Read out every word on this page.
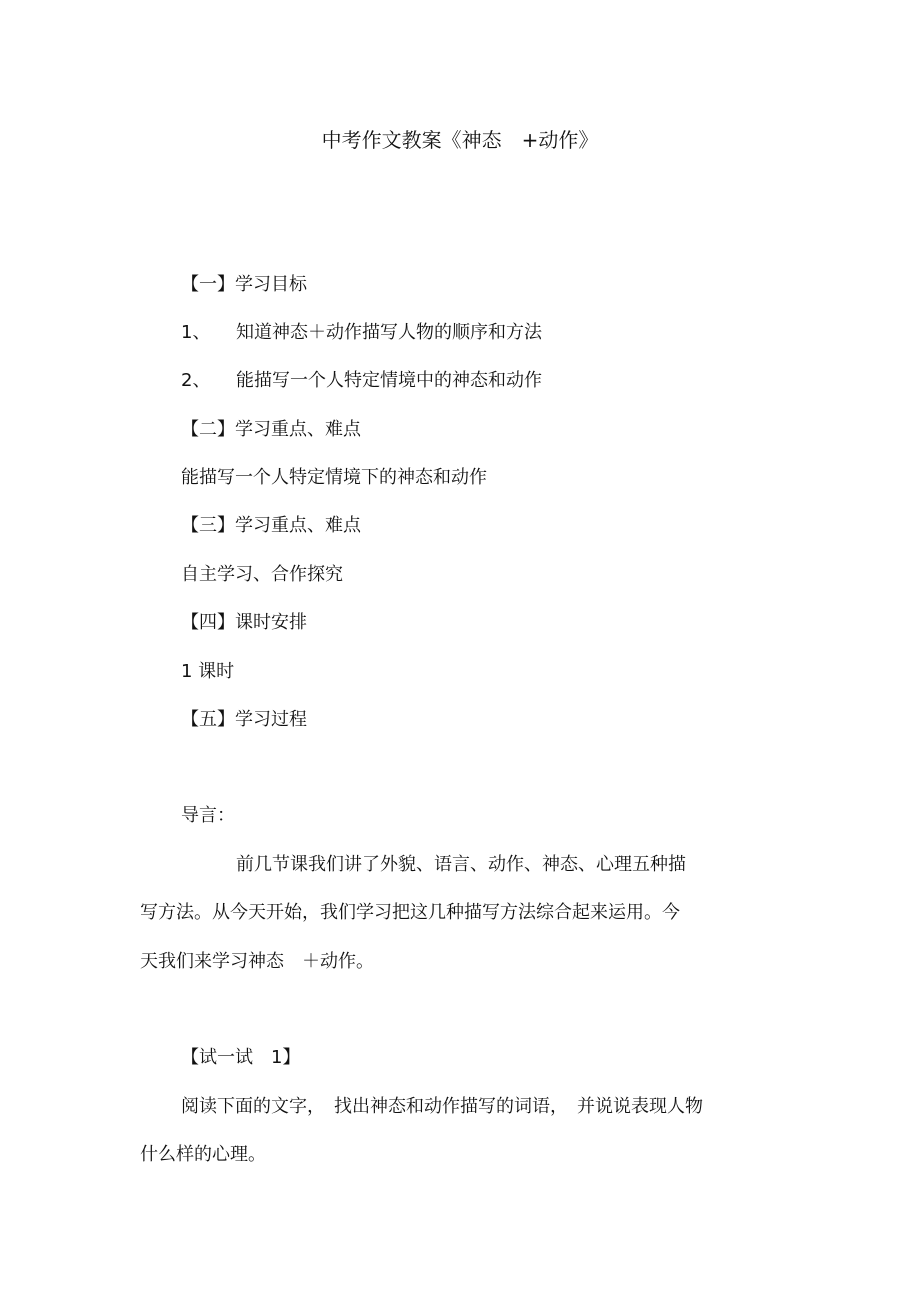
中考作文教案《神态　+动作》
【一】学习目标
1、 知道神态＋动作描写人物的顺序和方法
2、 能描写一个人特定情境中的神态和动作
【二】学习重点、难点
能描写一个人特定情境下的神态和动作
【三】学习重点、难点
自主学习、合作探究
【四】课时安排
1 课时
【五】学习过程
导言：
前几节课我们讲了外貌、语言、动作、神态、心理五种描
写方法。从今天开始，我们学习把这几种描写方法综合起来运用。今
天我们来学习神态　＋动作。
【试一试　1】
阅读下面的文字，　找出神态和动作描写的词语，　并说说表现人物
什么样的心理。
